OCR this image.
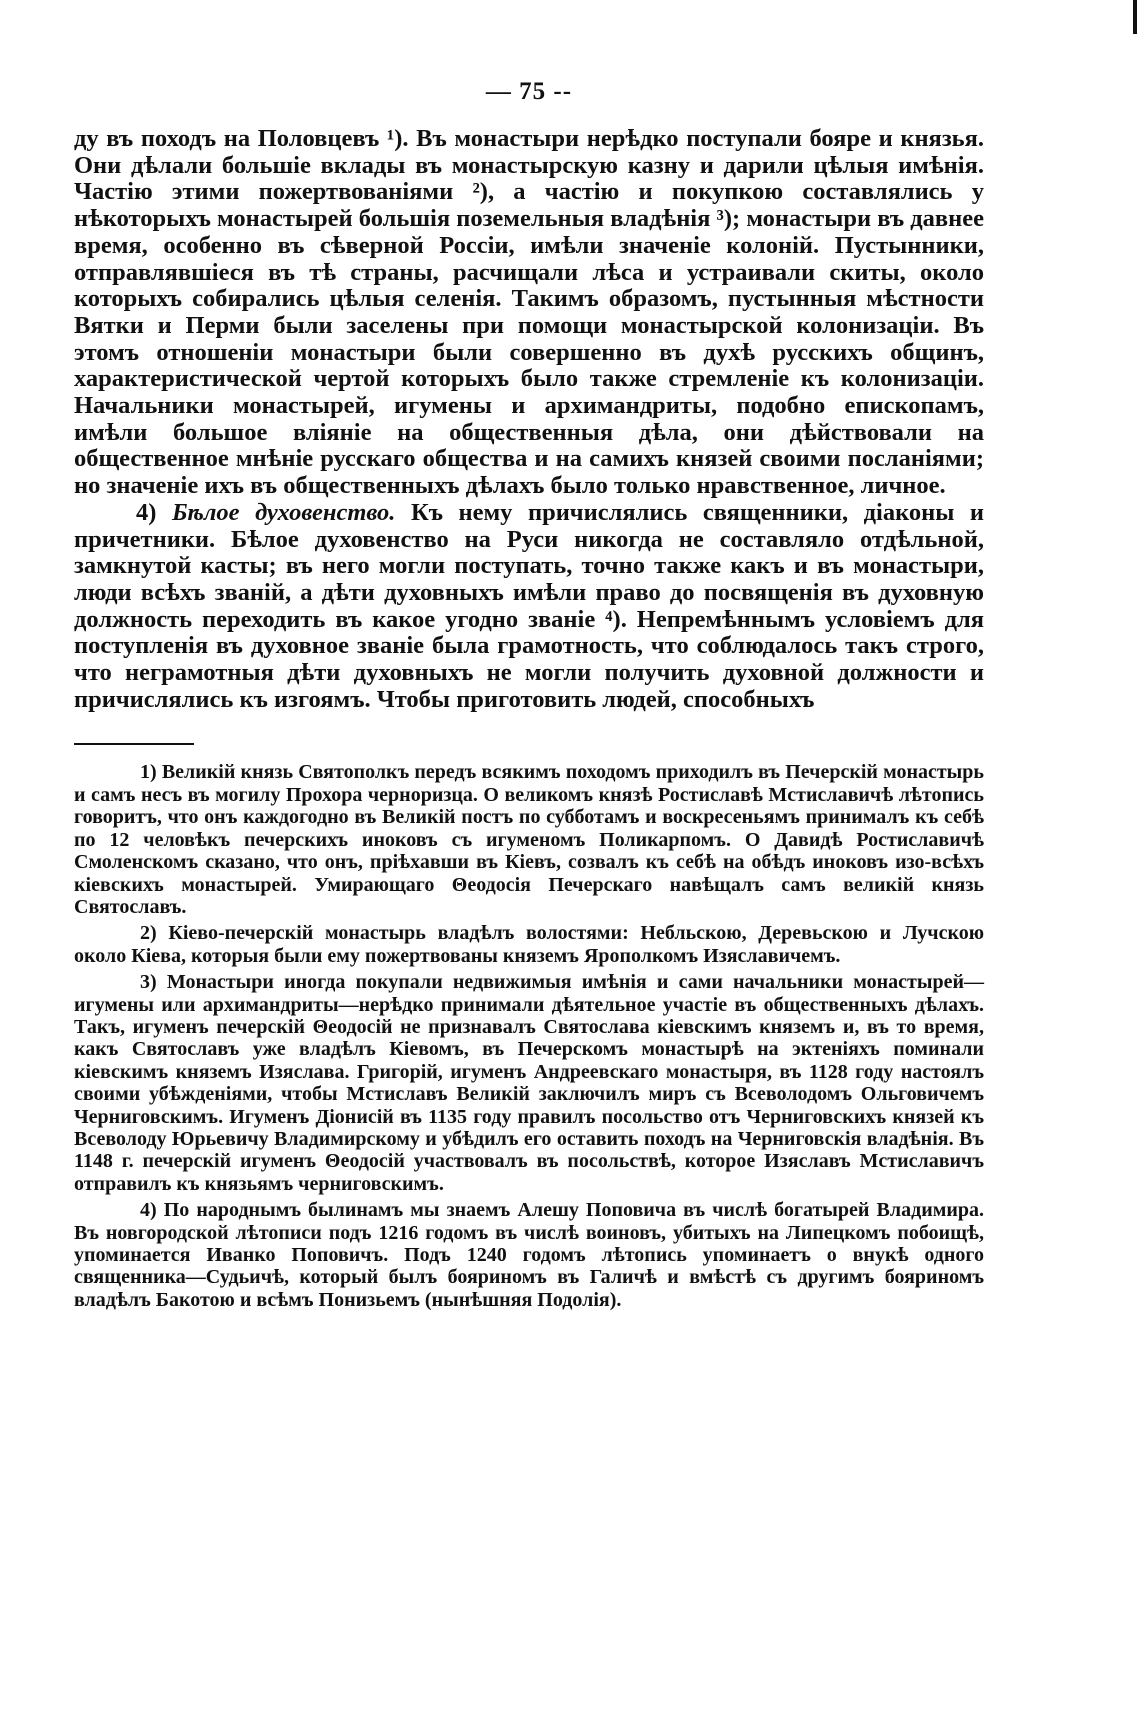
— 75 --

ду въ походъ на Половцевъ ¹). Въ монастыри нерѣдко поступали бояре и князья. Они дѣлали большіе вклады въ монастырскую казну и дарили цѣлыя имѣнія. Частію этими пожертвованіями ²), а частію и покупкою составлялись у нѣкоторыхъ монастырей большія поземельныя владѣнія ³); монастыри въ давнее время, особенно въ сѣверной Россіи, имѣли значеніе колоній. Пустынники, отправлявшіеся въ тѣ страны, расчищали лѣса и устраивали скиты, около которыхъ собирались цѣлыя селенія. Такимъ образомъ, пустынныя мѣстности Вятки и Перми были заселены при помощи монастырской колонизаціи. Въ этомъ отношеніи монастыри были совершенно въ духѣ русскихъ общинъ, характеристической чертой которыхъ было также стремленіе къ колонизаціи. Начальники монастырей, игумены и архимандриты, подобно епископамъ, имѣли большое вліяніе на общественныя дѣла, они дѣйствовали на общественное мнѣніе русскаго общества и на самихъ князей своими посланіями; но значеніе ихъ въ общественныхъ дѣлахъ было только нравственное, личное.

4) Бѣлое духовенство. Къ нему причислялись священники, діаконы и причетники. Бѣлое духовенство на Руси никогда не составляло отдѣльной, замкнутой касты; въ него могли поступать, точно также какъ и въ монастыри, люди всѣхъ званій, а дѣти духовныхъ имѣли право до посвященія въ духовную должность переходить въ какое угодно званіе ⁴). Непремѣннымъ условіемъ для поступленія въ духовное званіе была грамотность, что соблюдалось такъ строго, что неграмотныя дѣти духовныхъ не могли получить духовной должности и причислялись къ изгоямъ. Чтобы приготовить людей, способныхъ

1) Великій князь Святополкъ передъ всякимъ походомъ приходилъ въ Печерскій монастырь и самъ несъ въ могилу Прохора черноризца. О великомъ князѣ Ростиславѣ Мстиславичѣ лѣтопись говоритъ, что онъ каждогодно въ Великій постъ по субботамъ и воскресеньямъ принималъ къ себѣ по 12 человѣкъ печерскихъ иноковъ съ игуменомъ Поликарпомъ. О Давидѣ Ростиславичѣ Смоленскомъ сказано, что онъ, пріѣхавши въ Кіевъ, созвалъ къ себѣ на обѣдъ иноковъ изо-всѣхъ кіевскихъ монастырей. Умирающаго Θеодосія Печерскаго навѣщалъ самъ великій князь Святославъ.

2) Кіево-печерскій монастырь владѣлъ волостями: Небльскою, Деревьскою и Лучскою около Кіева, которыя были ему пожертвованы княземъ Ярополкомъ Изяславичемъ.

3) Монастыри иногда покупали недвижимыя имѣнія и сами начальники монастырей—игумены или архимандриты—нерѣдко принимали дѣятельное участіе въ общественныхъ дѣлахъ. Такъ, игуменъ печерскій Θеодосій не признавалъ Святослава кіевскимъ княземъ и, въ то время, какъ Святославъ уже владѣлъ Кіевомъ, въ Печерскомъ монастырѣ на эктеніяхъ поминали кіевскимъ княземъ Изяслава. Григорій, игуменъ Андреевскаго монастыря, въ 1128 году настоялъ своими убѣжденіями, чтобы Мстиславъ Великій заключилъ миръ съ Всеволодомъ Ольговичемъ Черниговскимъ. Игуменъ Діонисій въ 1135 году правилъ посольство отъ Черниговскихъ князей къ Всеволоду Юрьевичу Владимирскому и убѣдилъ его оставить походъ на Черниговскія владѣнія. Въ 1148 г. печерскій игуменъ Θеодосій участвовалъ въ посольствѣ, которое Изяславъ Мстиславичъ отправилъ къ князьямъ черниговскимъ.

4) По народнымъ былинамъ мы знаемъ Алешу Поповича въ числѣ богатырей Владимира. Въ новгородской лѣтописи подъ 1216 годомъ въ числѣ воиновъ, убитыхъ на Липецкомъ побоищѣ, упоминается Иванко Поповичъ. Подъ 1240 годомъ лѣтопись упоминаетъ о внукѣ одного священника—Судьичѣ, который былъ бояриномъ въ Галичѣ и вмѣстѣ съ другимъ бояриномъ владѣлъ Бакотою и всѣмъ Понизьемъ (нынѣшняя Подолія).
